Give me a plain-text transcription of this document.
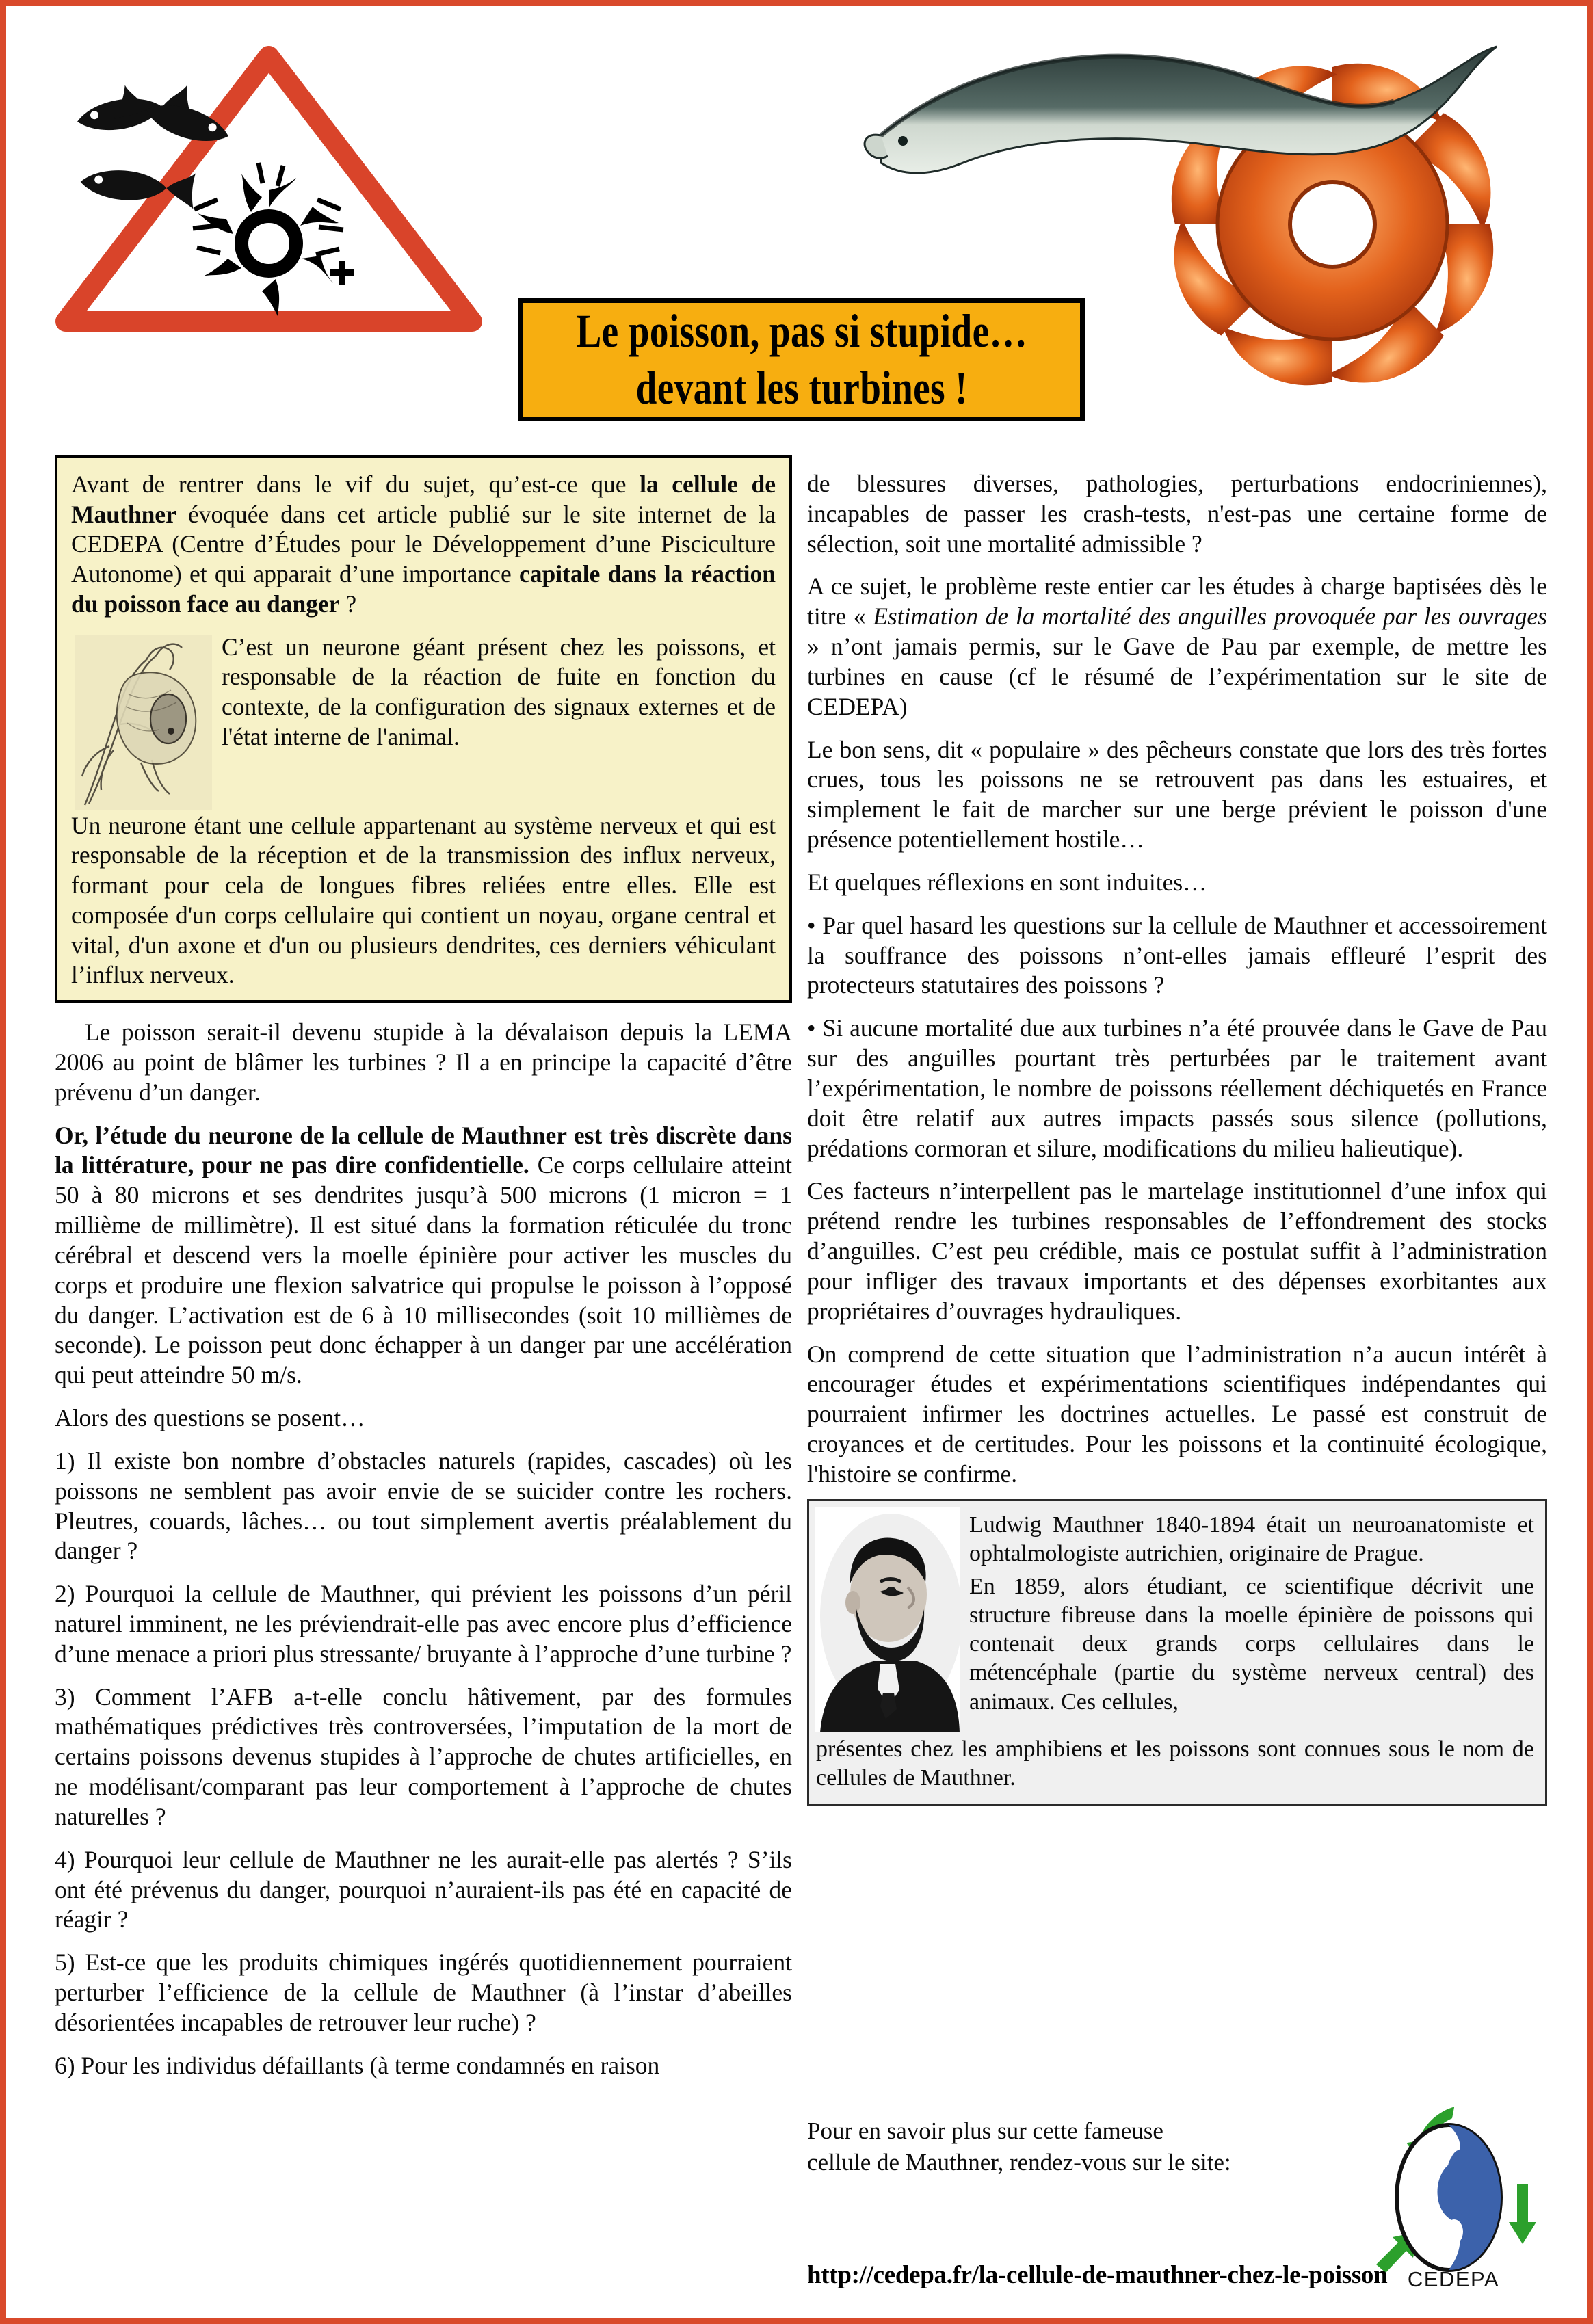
Le poisson, pas si stupide…
devant les turbines !

Avant de rentrer dans le vif du sujet, qu’est-ce que la cellule de Mauthner évoquée dans cet article publié sur le site internet de la CEDEPA (Centre d’Études pour le Développement d’une Pisciculture Autonome) et qui apparait d’une importance capitale dans la réaction du poisson face au danger ?

C’est un neurone géant présent chez les poissons, et responsable de la réaction de fuite en fonction du contexte, de la configuration des signaux externes et de l'état interne de l'animal.

Un neurone étant une cellule appartenant au système nerveux et qui est responsable de la réception et de la transmission des influx nerveux, formant pour cela de longues fibres reliées entre elles. Elle est composée d'un corps cellulaire qui contient un noyau, organe central et vital, d'un axone et d'un ou plusieurs dendrites, ces derniers véhiculant l’influx nerveux.

Le poisson serait-il devenu stupide à la dévalaison depuis la LEMA 2006 au point de blâmer les turbines ? Il a en principe la capacité d’être prévenu d’un danger.

Or, l’étude du neurone de la cellule de Mauthner est très discrète dans la littérature, pour ne pas dire confidentielle. Ce corps cellulaire atteint 50 à 80 microns et ses dendrites jusqu’à 500 microns (1 micron = 1 millième de millimètre). Il est situé dans la formation réticulée du tronc cérébral et descend vers la moelle épinière pour activer les muscles du corps et produire une flexion salvatrice qui propulse le poisson à l’opposé du danger. L’activation est de 6 à 10 millisecondes (soit 10 millièmes de seconde). Le poisson peut donc échapper à un danger par une accélération qui peut atteindre 50 m/s.

Alors des questions se posent…

1) Il existe bon nombre d’obstacles naturels (rapides, cascades) où les poissons ne semblent pas avoir envie de se suicider contre les rochers. Pleutres, couards, lâches… ou tout simplement avertis préalablement du danger ?

2) Pourquoi la cellule de Mauthner, qui prévient les poissons d’un péril naturel imminent, ne les préviendrait-elle pas avec encore plus d’efficience d’une menace a priori plus stressante/ bruyante à l’approche d’une turbine ?

3) Comment l’AFB a-t-elle conclu hâtivement, par des formules mathématiques prédictives très controversées, l’imputation de la mort de certains poissons devenus stupides à l’approche de chutes artificielles, en ne modélisant/comparant pas leur comportement à l’approche de chutes naturelles ?

4) Pourquoi leur cellule de Mauthner ne les aurait-elle pas alertés ? S’ils ont été prévenus du danger, pourquoi n’auraient-ils pas été en capacité de réagir ?

5) Est-ce que les produits chimiques ingérés quotidiennement pourraient perturber l’efficience de la cellule de Mauthner (à l’instar d’abeilles désorientées incapables de retrouver leur ruche) ?

6) Pour les individus défaillants (à terme condamnés en raison

de blessures diverses, pathologies, perturbations endocriniennes), incapables de passer les crash-tests, n'est-pas une certaine forme de sélection, soit une mortalité admissible ?

A ce sujet, le problème reste entier car les études à charge baptisées dès le titre « Estimation de la mortalité des anguilles provoquée par les ouvrages » n’ont jamais permis, sur le Gave de Pau par exemple, de mettre les turbines en cause (cf le résumé de l’expérimentation sur le site de CEDEPA)

Le bon sens, dit « populaire » des pêcheurs constate que lors des très fortes crues, tous les poissons ne se retrouvent pas dans les estuaires, et simplement le fait de marcher sur une berge prévient le poisson d'une présence potentiellement hostile…

Et quelques réflexions en sont induites…

• Par quel hasard les questions sur la cellule de Mauthner et accessoirement la souffrance des poissons n’ont-elles jamais effleuré l’esprit des protecteurs statutaires des poissons ?

• Si aucune mortalité due aux turbines n’a été prouvée dans le Gave de Pau sur des anguilles pourtant très perturbées par le traitement avant l’expérimentation, le nombre de poissons réellement déchiquetés en France doit être relatif aux autres impacts passés sous silence (pollutions, prédations cormoran et silure, modifications du milieu halieutique).

Ces facteurs n’interpellent pas le martelage institutionnel d’une infox qui prétend rendre les turbines responsables de l’effondrement des stocks d’anguilles. C’est peu crédible, mais ce postulat suffit à l’administration pour infliger des travaux importants et des dépenses exorbitantes aux propriétaires d’ouvrages hydrauliques.

On comprend de cette situation que l’administration n’a aucun intérêt à encourager études et expérimentations scientifiques indépendantes qui pourraient infirmer les doctrines actuelles. Le passé est construit de croyances et de certitudes. Pour les poissons et la continuité écologique, l'histoire se confirme.

Ludwig Mauthner 1840-1894 était un neuroanatomiste et ophtalmologiste autrichien, originaire de Prague.

En 1859, alors étudiant, ce scientifique décrivit une structure fibreuse dans la moelle épinière de poissons qui contenait deux grands corps cellulaires dans le métencéphale (partie du système nerveux central) des animaux. Ces cellules,

présentes chez les amphibiens et les poissons sont connues sous le nom de cellules de Mauthner.

Pour en savoir plus sur cette fameuse
cellule de Mauthner, rendez-vous sur le site:
CEDEPA
http://cedepa.fr/la-cellule-de-mauthner-chez-le-poisson
